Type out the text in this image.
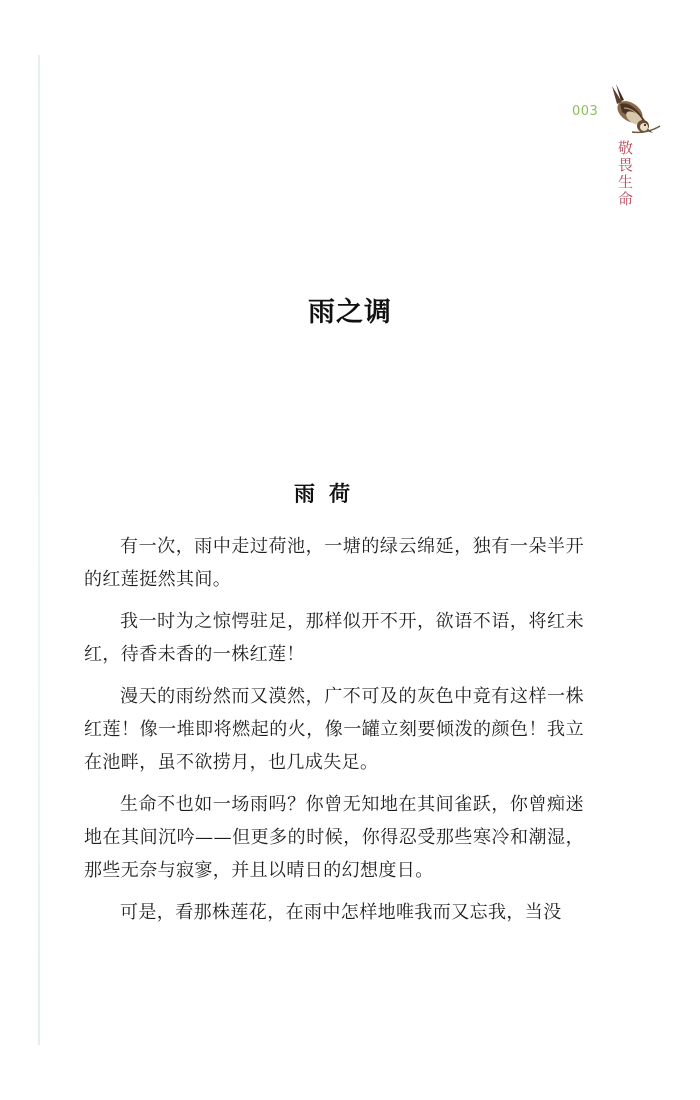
003
敬畏生命
雨之调
雨荷

有一次，雨中走过荷池，一塘的绿云绵延，独有一朵半开的红莲挺然其间。

我一时为之惊愕驻足，那样似开不开，欲语不语，将红未红，待香未香的一株红莲！

漫天的雨纷然而又漠然，广不可及的灰色中竟有这样一株红莲！像一堆即将燃起的火，像一罐立刻要倾泼的颜色！我立在池畔，虽不欲捞月，也几成失足。

生命不也如一场雨吗？你曾无知地在其间雀跃，你曾痴迷地在其间沉吟——但更多的时候，你得忍受那些寒冷和潮湿，那些无奈与寂寥，并且以晴日的幻想度日。

可是，看那株莲花，在雨中怎样地唯我而又忘我，当没
